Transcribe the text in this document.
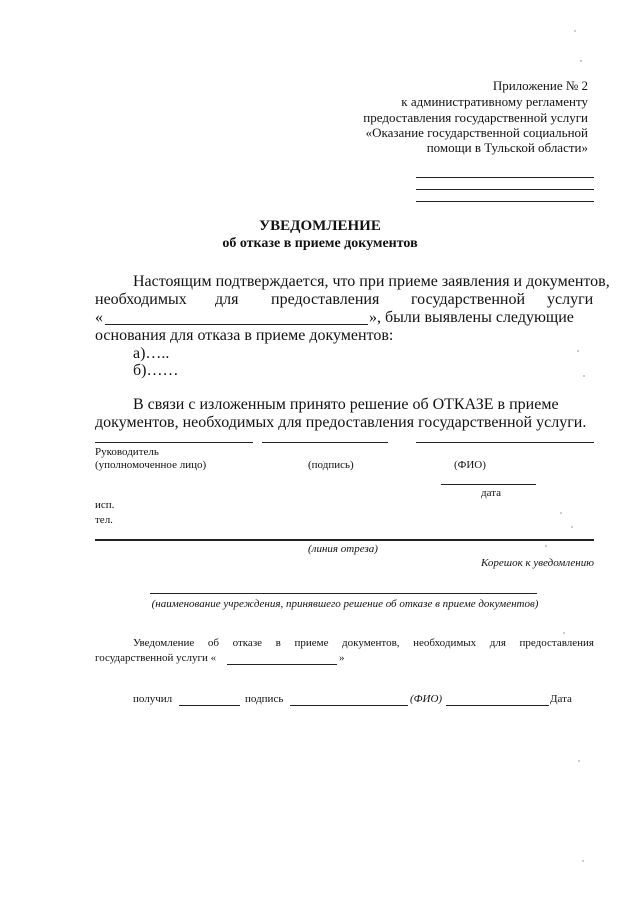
Приложение № 2
к административному регламенту
предоставления государственной услуги
«Оказание государственной социальной
помощи в Тульской области»
УВЕДОМЛЕНИЕ
об отказе в приеме документов
Настоящим подтверждается, что при приеме заявления и документов,
необходимых для предоставления государственной услуги
«	», были выявлены следующие
основания для отказа в приеме документов:
а)…..
б)……
В связи с изложенным принято решение об ОТКАЗЕ в приеме
документов, необходимых для предоставления государственной услуги.
Руководитель
(уполномоченное лицо)	(подпись)	(ФИО)
дата
исп.
тел.
(линия отреза)
Корешок к уведомлению
(наименование учреждения, принявшего решение об отказе в приеме документов)
Уведомление об отказе в приеме документов, необходимых для предоставления
государственной услуги «	»
получил	подпись	(ФИО)	Дата
